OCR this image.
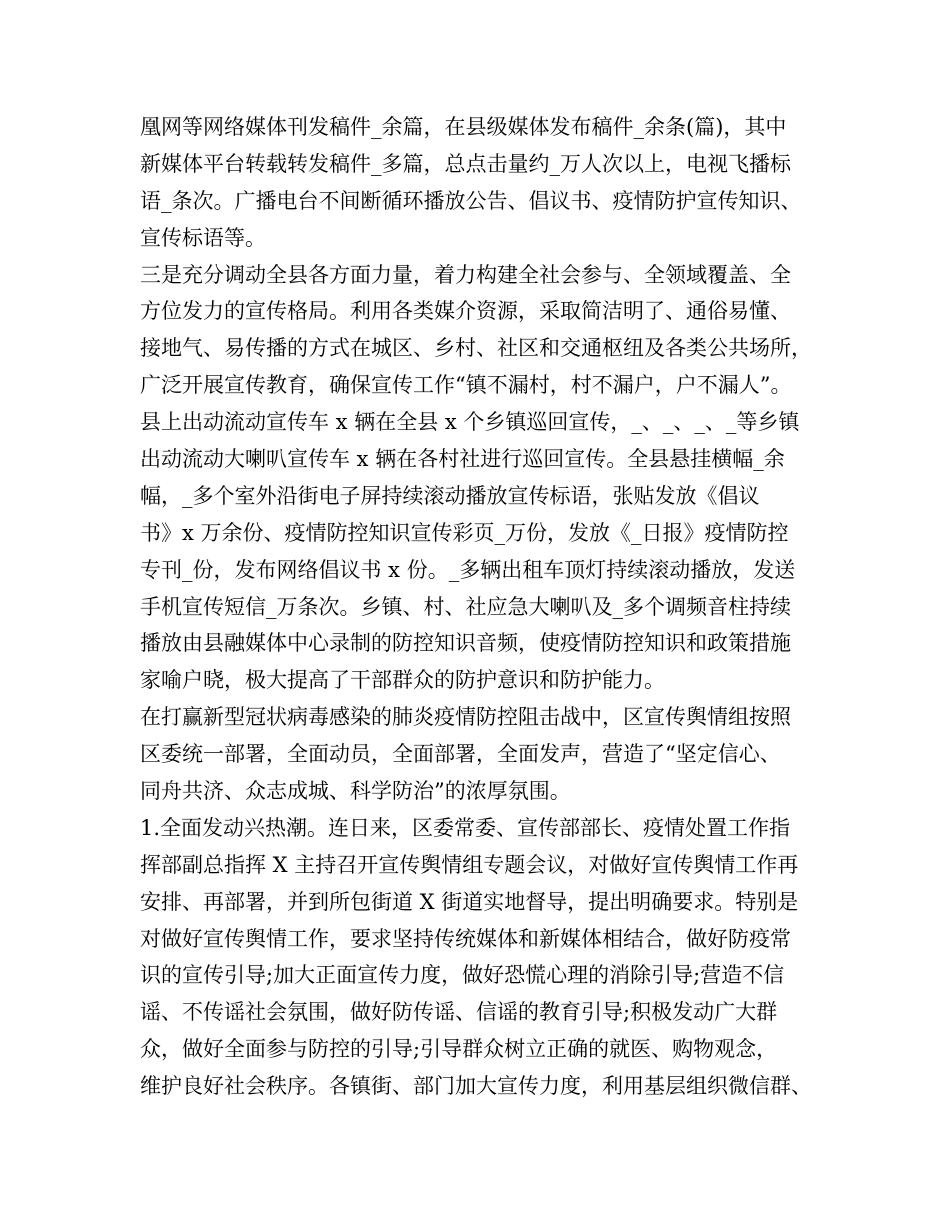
凰网等网络媒体刊发稿件_余篇，在县级媒体发布稿件_余条(篇)，其中
新媒体平台转载转发稿件_多篇，总点击量约_万人次以上，电视飞播标
语_条次。广播电台不间断循环播放公告、倡议书、疫情防护宣传知识、
宣传标语等。
三是充分调动全县各方面力量，着力构建全社会参与、全领域覆盖、全
方位发力的宣传格局。利用各类媒介资源，采取简洁明了、通俗易懂、
接地气、易传播的方式在城区、乡村、社区和交通枢纽及各类公共场所，
广泛开展宣传教育，确保宣传工作“镇不漏村，村不漏户，户不漏人”。
县上出动流动宣传车 x 辆在全县 x 个乡镇巡回宣传，_、_、_、_等乡镇
出动流动大喇叭宣传车 x 辆在各村社进行巡回宣传。全县悬挂横幅_余
幅，_多个室外沿街电子屏持续滚动播放宣传标语，张贴发放《倡议
书》x 万余份、疫情防控知识宣传彩页_万份，发放《_日报》疫情防控
专刊_份，发布网络倡议书 x 份。_多辆出租车顶灯持续滚动播放，发送
手机宣传短信_万条次。乡镇、村、社应急大喇叭及_多个调频音柱持续
播放由县融媒体中心录制的防控知识音频，使疫情防控知识和政策措施
家喻户晓，极大提高了干部群众的防护意识和防护能力。
在打赢新型冠状病毒感染的肺炎疫情防控阻击战中，区宣传舆情组按照
区委统一部署，全面动员，全面部署，全面发声，营造了“坚定信心、
同舟共济、众志成城、科学防治”的浓厚氛围。
1.全面发动兴热潮。连日来，区委常委、宣传部部长、疫情处置工作指
挥部副总指挥 X 主持召开宣传舆情组专题会议，对做好宣传舆情工作再
安排、再部署，并到所包街道 X 街道实地督导，提出明确要求。特别是
对做好宣传舆情工作，要求坚持传统媒体和新媒体相结合，做好防疫常
识的宣传引导;加大正面宣传力度，做好恐慌心理的消除引导;营造不信
谣、不传谣社会氛围，做好防传谣、信谣的教育引导;积极发动广大群
众，做好全面参与防控的引导;引导群众树立正确的就医、购物观念，
维护良好社会秩序。各镇街、部门加大宣传力度，利用基层组织微信群、
